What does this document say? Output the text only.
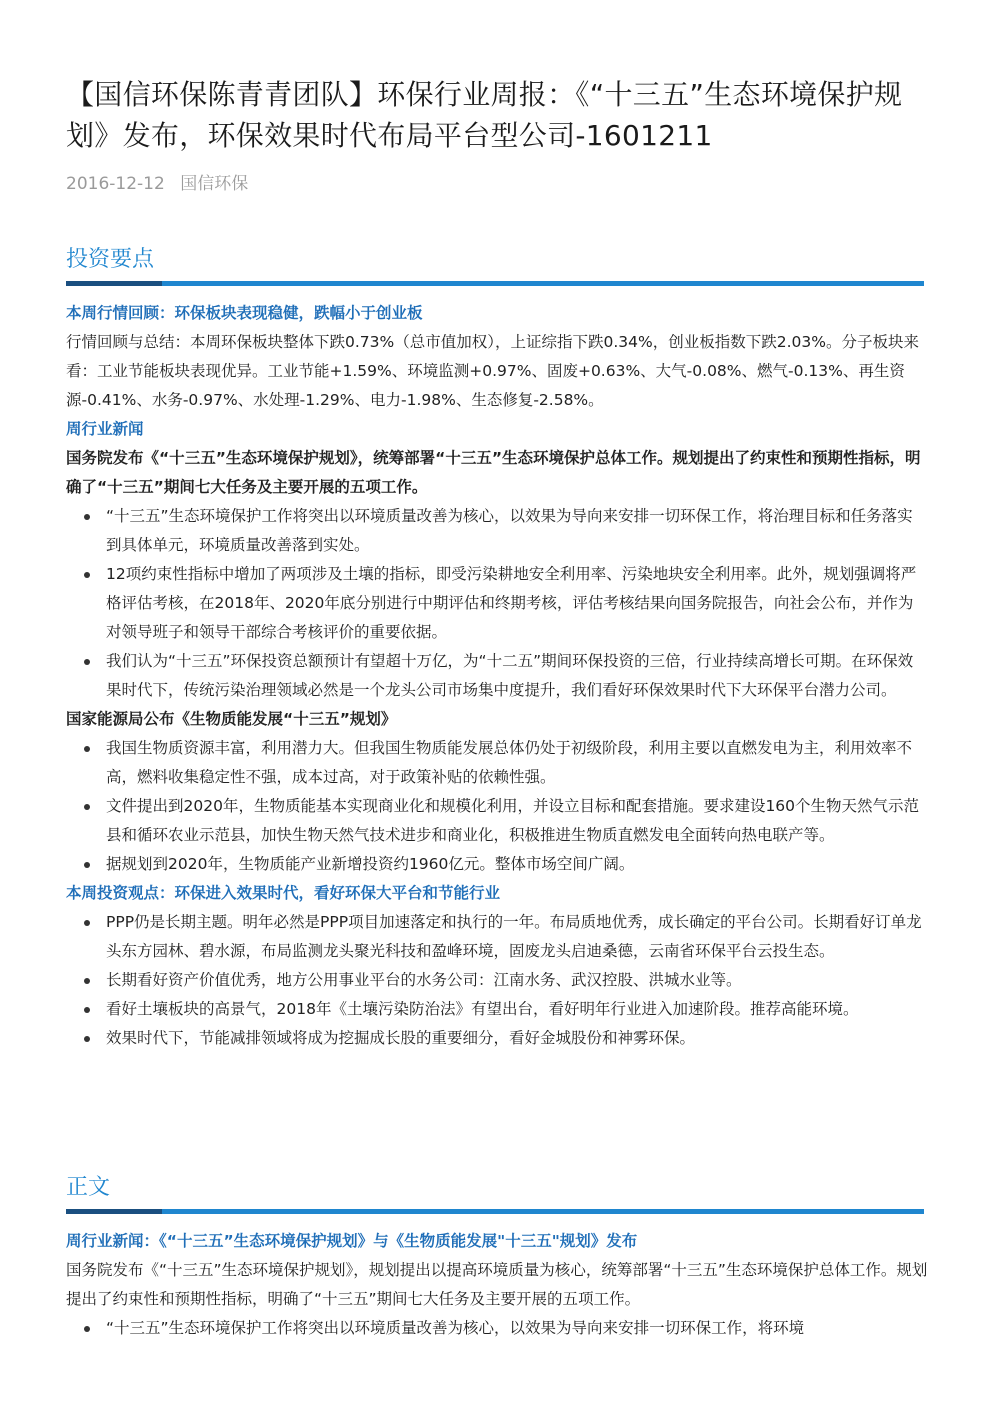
【国信环保陈青青团队】环保行业周报：《“十三五”生态环境保护规划》发布，环保效果时代布局平台型公司-1601211
2016-12-12 国信环保
投资要点

本周行情回顾：环保板块表现稳健，跌幅小于创业板

行情回顾与总结：本周环保板块整体下跌0.73%（总市值加权），上证综指下跌0.34%，创业板指数下跌2.03%。分子板块来看：工业节能板块表现优异。工业节能+1.59%、环境监测+0.97%、固废+0.63%、大气-0.08%、燃气-0.13%、再生资源-0.41%、水务-0.97%、水处理-1.29%、电力-1.98%、生态修复-2.58%。

周行业新闻

国务院发布《“十三五”生态环境保护规划》，统筹部署“十三五”生态环境保护总体工作。规划提出了约束性和预期性指标，明确了“十三五”期间七大任务及主要开展的五项工作。

“十三五”生态环境保护工作将突出以环境质量改善为核心，以效果为导向来安排一切环保工作，将治理目标和任务落实到具体单元，环境质量改善落到实处。
12项约束性指标中增加了两项涉及土壤的指标，即受污染耕地安全利用率、污染地块安全利用率。此外，规划强调将严格评估考核，在2018年、2020年底分别进行中期评估和终期考核，评估考核结果向国务院报告，向社会公布，并作为对领导班子和领导干部综合考核评价的重要依据。
我们认为“十三五”环保投资总额预计有望超十万亿，为“十二五”期间环保投资的三倍，行业持续高增长可期。在环保效果时代下，传统污染治理领域必然是一个龙头公司市场集中度提升，我们看好环保效果时代下大环保平台潜力公司。

国家能源局公布《生物质能发展“十三五”规划》

我国生物质资源丰富，利用潜力大。但我国生物质能发展总体仍处于初级阶段，利用主要以直燃发电为主，利用效率不高，燃料收集稳定性不强，成本过高，对于政策补贴的依赖性强。
文件提出到2020年，生物质能基本实现商业化和规模化利用，并设立目标和配套措施。要求建设160个生物天然气示范县和循环农业示范县，加快生物天然气技术进步和商业化，积极推进生物质直燃发电全面转向热电联产等。
据规划到2020年，生物质能产业新增投资约1960亿元。整体市场空间广阔。

本周投资观点：环保进入效果时代，看好环保大平台和节能行业

PPP仍是长期主题。明年必然是PPP项目加速落定和执行的一年。布局质地优秀，成长确定的平台公司。长期看好订单龙头东方园林、碧水源，布局监测龙头聚光科技和盈峰环境，固废龙头启迪桑德，云南省环保平台云投生态。
长期看好资产价值优秀，地方公用事业平台的水务公司：江南水务、武汉控股、洪城水业等。
看好土壤板块的高景气，2018年《土壤污染防治法》有望出台，看好明年行业进入加速阶段。推荐高能环境。
效果时代下，节能减排领域将成为挖掘成长股的重要细分，看好金城股份和神雾环保。
正文

周行业新闻：《“十三五”生态环境保护规划》与《生物质能发展"十三五"规划》发布

国务院发布《“十三五”生态环境保护规划》，规划提出以提高环境质量为核心，统筹部署“十三五”生态环境保护总体工作。规划提出了约束性和预期性指标，明确了“十三五”期间七大任务及主要开展的五项工作。

“十三五”生态环境保护工作将突出以环境质量改善为核心，以效果为导向来安排一切环保工作，将环境
